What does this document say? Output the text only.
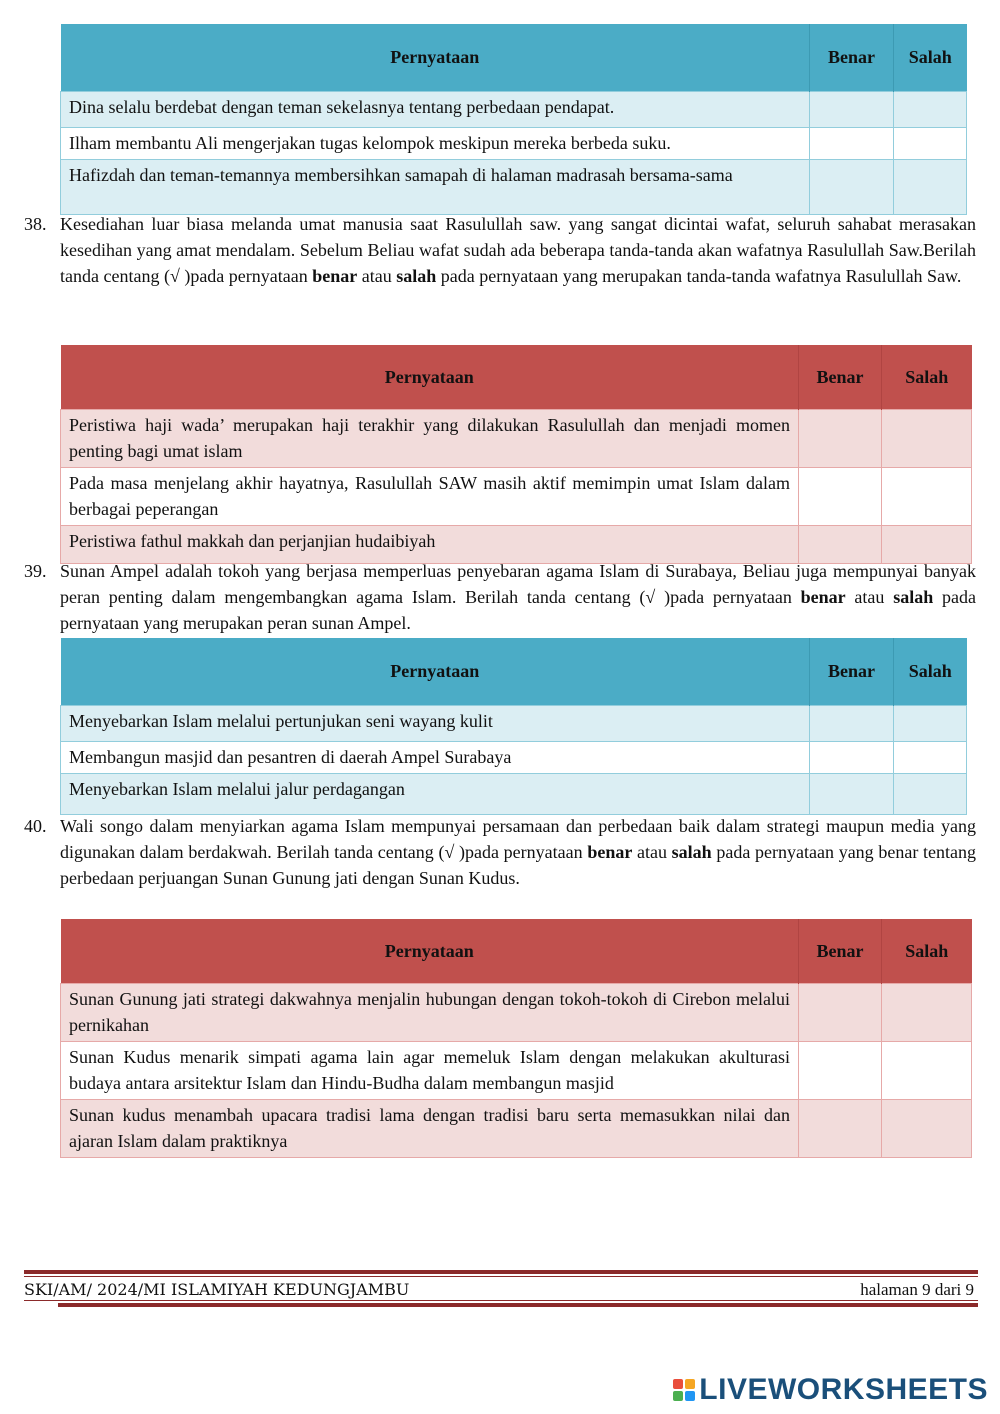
Pernyataan	Benar	Salah
Dina selalu berdebat dengan teman sekelasnya tentang perbedaan pendapat.		
Ilham membantu Ali mengerjakan tugas kelompok meskipun mereka berbeda suku.		
Hafizdah dan teman-temannya membersihkan samapah di halaman madrasah bersama-sama		
38. Kesediahan luar biasa melanda umat manusia saat Rasulullah saw. yang sangat dicintai wafat, seluruh sahabat merasakan kesedihan yang amat mendalam. Sebelum Beliau wafat sudah ada beberapa tanda-tanda akan wafatnya Rasulullah Saw.Berilah tanda centang (√ )pada pernyataan benar atau salah pada pernyataan yang merupakan tanda-tanda wafatnya Rasulullah Saw.
Pernyataan	Benar	Salah
Peristiwa haji wada’ merupakan haji terakhir yang dilakukan Rasulullah dan menjadi momen penting bagi umat islam		
Pada masa menjelang akhir hayatnya, Rasulullah SAW masih aktif memimpin umat Islam dalam berbagai peperangan		
Peristiwa fathul makkah dan perjanjian hudaibiyah		
39. Sunan Ampel adalah tokoh yang berjasa memperluas penyebaran agama Islam di Surabaya, Beliau juga mempunyai banyak peran penting dalam mengembangkan agama Islam. Berilah tanda centang (√ )pada pernyataan benar atau salah pada pernyataan yang merupakan peran sunan Ampel.
Pernyataan	Benar	Salah
Menyebarkan Islam melalui pertunjukan seni wayang kulit		
Membangun masjid dan pesantren di daerah Ampel Surabaya		
Menyebarkan Islam melalui jalur perdagangan		
40. Wali songo dalam menyiarkan agama Islam mempunyai persamaan dan perbedaan baik dalam strategi maupun media yang digunakan dalam berdakwah. Berilah tanda centang (√ )pada pernyataan benar atau salah pada pernyataan yang benar tentang perbedaan perjuangan Sunan Gunung jati dengan Sunan Kudus.
Pernyataan	Benar	Salah
Sunan Gunung jati strategi dakwahnya menjalin hubungan dengan tokoh-tokoh di Cirebon melalui pernikahan		
Sunan Kudus menarik simpati agama lain agar memeluk Islam dengan melakukan akulturasi budaya antara arsitektur Islam dan Hindu-Budha dalam membangun masjid		
Sunan kudus menambah upacara tradisi lama dengan tradisi baru serta memasukkan nilai dan ajaran Islam dalam praktiknya		
SKI/AM/ 2024/MI ISLAMIYAH KEDUNGJAMBU	halaman 9 dari 9
LIVEWORKSHEETS
